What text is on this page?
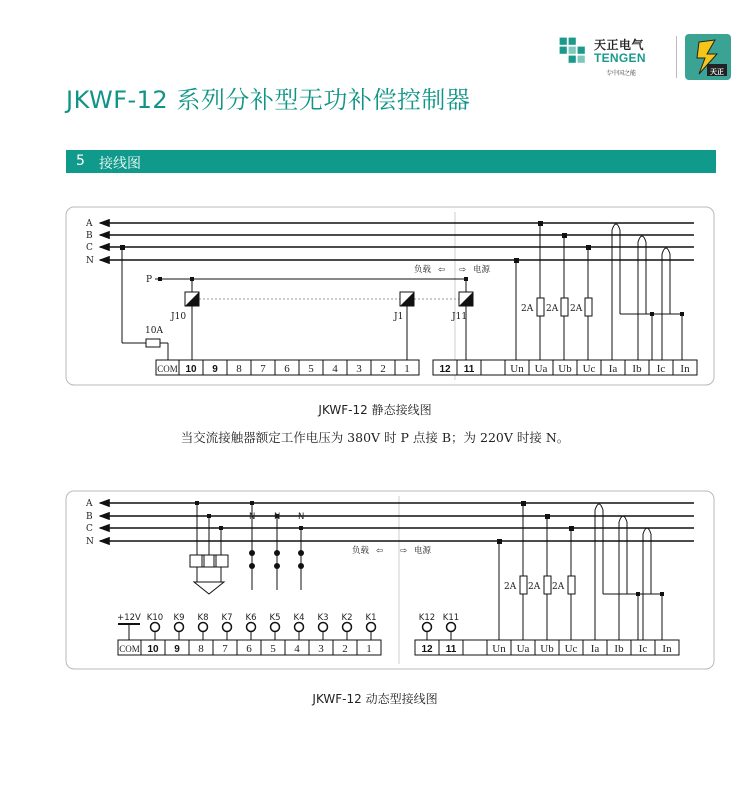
天正电气
TENGEN
专中国之能	天正
JKWF-12 系列分补型无功补偿控制器
5 接线图
A
B
C
N
负载 ⇦ ⇨ 电源
10A
P
J10	J1	J11
2A 2A 2A
COM 10 9 8 7 6 5 4 3 2 1	12 11	Un Ua Ub Uc Ia Ib Ic In
A
B
C
N
负载 ⇦ ⇨ 电源
N N N
2A 2A 2A
+12V K10 K9 K8 K7 K6 K5 K4 K3 K2 K1	K12 K11
COM 10 9 8 7 6 5 4 3 2 1	12 11	Un Ua Ub Uc Ia Ib Ic In
JKWF-12 静态接线图
当交流接触器额定工作电压为 380V 时 P 点接 B；为 220V 时接 N。
JKWF-12 动态型接线图
